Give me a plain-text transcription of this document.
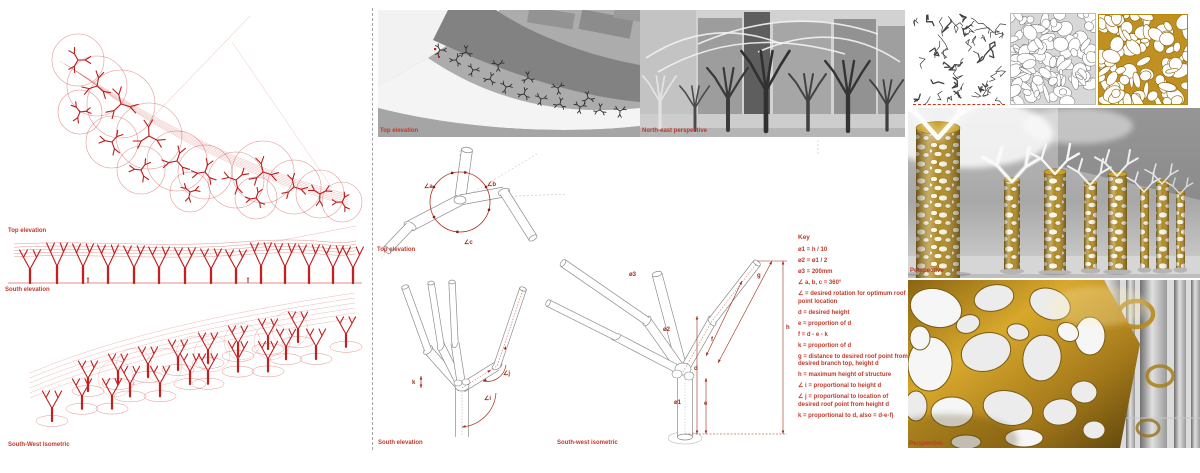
Top elevation
South elevation
South-West Isometric
Top elevation	North-east perspective
Top elevation
South elevation	South-west isometric
∠a	∠b
∠c
k
∠i
∠j
ø3
ø2
ø1
d
e
f
g
h
Key
ø1 = h / 10
ø2 = ø1 / 2
ø3 = 200mm
∠ a, b, c = 360°
∠ = desired rotation for optimum roof point location
d = desired height
e = proportion of d
f = d - e - k
k = proportion of d
g = distance to desired roof point from desired branch top, height d
h = maximum height of structure
∠ i = proportional to height d
∠ j = proportional to location of desired roof point from height d
k = proportional to d, also = d-e-f)
Perspective
Perspective
